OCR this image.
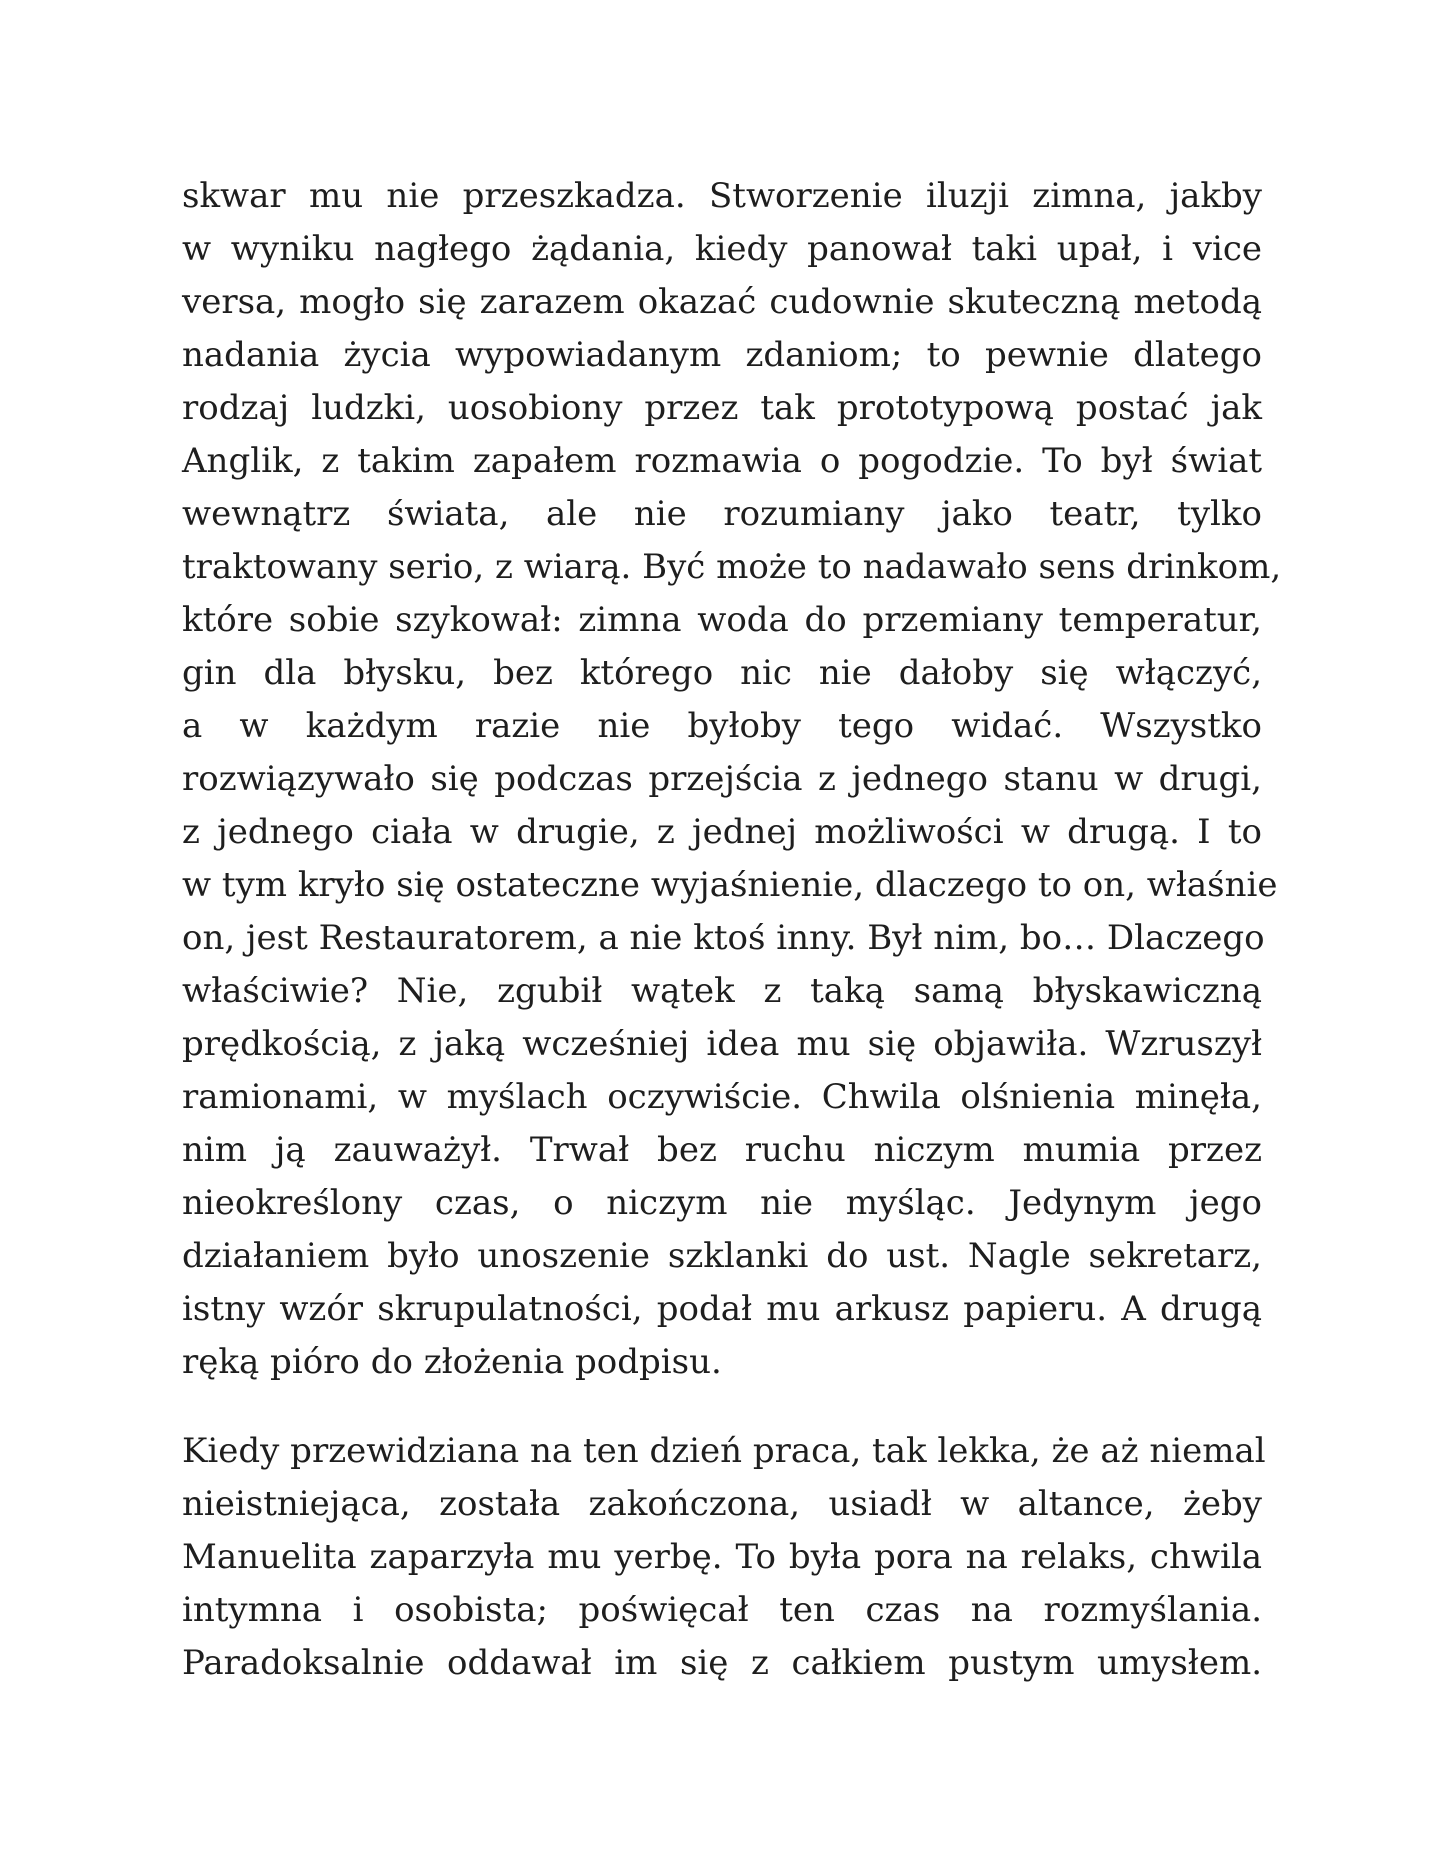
skwar mu nie przeszkadza. Stworzenie iluzji zimna, jakby
w wyniku nagłego żądania, kiedy panował taki upał, i vice
versa, mogło się zarazem okazać cudownie skuteczną metodą
nadania życia wypowiadanym zdaniom; to pewnie dlatego
rodzaj ludzki, uosobiony przez tak prototypową postać jak
Anglik, z takim zapałem rozmawia o pogodzie. To był świat
wewnątrz świata, ale nie rozumiany jako teatr, tylko
traktowany serio, z wiarą. Być może to nadawało sens drinkom,
które sobie szykował: zimna woda do przemiany temperatur,
gin dla błysku, bez którego nic nie dałoby się włączyć,
a w każdym razie nie byłoby tego widać. Wszystko
rozwiązywało się podczas przejścia z jednego stanu w drugi,
z jednego ciała w drugie, z jednej możliwości w drugą. I to
w tym kryło się ostateczne wyjaśnienie, dlaczego to on, właśnie
on, jest Restauratorem, a nie ktoś inny. Był nim, bo… Dlaczego
właściwie? Nie, zgubił wątek z taką samą błyskawiczną
prędkością, z jaką wcześniej idea mu się objawiła. Wzruszył
ramionami, w myślach oczywiście. Chwila olśnienia minęła,
nim ją zauważył. Trwał bez ruchu niczym mumia przez
nieokreślony czas, o niczym nie myśląc. Jedynym jego
działaniem było unoszenie szklanki do ust. Nagle sekretarz,
istny wzór skrupulatności, podał mu arkusz papieru. A drugą
ręką pióro do złożenia podpisu.
Kiedy przewidziana na ten dzień praca, tak lekka, że aż niemal
nieistniejąca, została zakończona, usiadł w altance, żeby
Manuelita zaparzyła mu yerbę. To była pora na relaks, chwila
intymna i osobista; poświęcał ten czas na rozmyślania.
Paradoksalnie oddawał im się z całkiem pustym umysłem.
